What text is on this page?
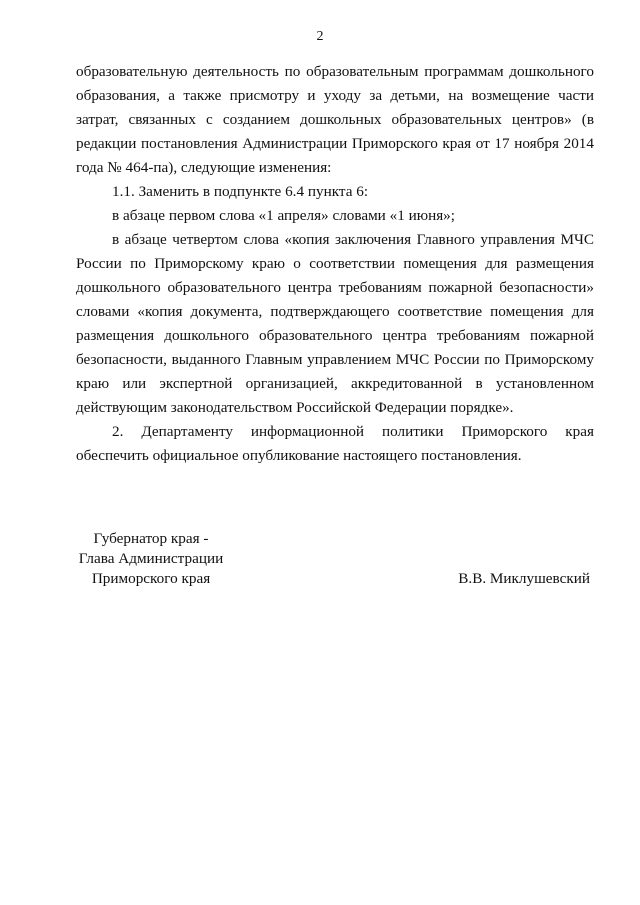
2

образовательную деятельность по образовательным программам дошкольного образования, а также присмотру и уходу за детьми, на возмещение части затрат, связанных с созданием дошкольных образовательных центров» (в редакции постановления Администрации Приморского края от 17 ноября 2014 года № 464-па), следующие изменения:

1.1. Заменить в подпункте 6.4 пункта 6:

в абзаце первом слова «1 апреля» словами «1 июня»;

в абзаце четвертом слова «копия заключения Главного управления МЧС России по Приморскому краю о соответствии помещения для размещения дошкольного образовательного центра требованиям пожарной безопасности» словами «копия документа, подтверждающего соответствие помещения для размещения дошкольного образовательного центра требованиям пожарной безопасности, выданного Главным управлением МЧС России по Приморскому краю или экспертной организацией, аккредитованной в установленном действующим законодательством Российской Федерации порядке».

2. Департаменту информационной политики Приморского края обеспечить официальное опубликование настоящего постановления.

Губернатор края -
Глава Администрации
Приморского края	В.В. Миклушевский
